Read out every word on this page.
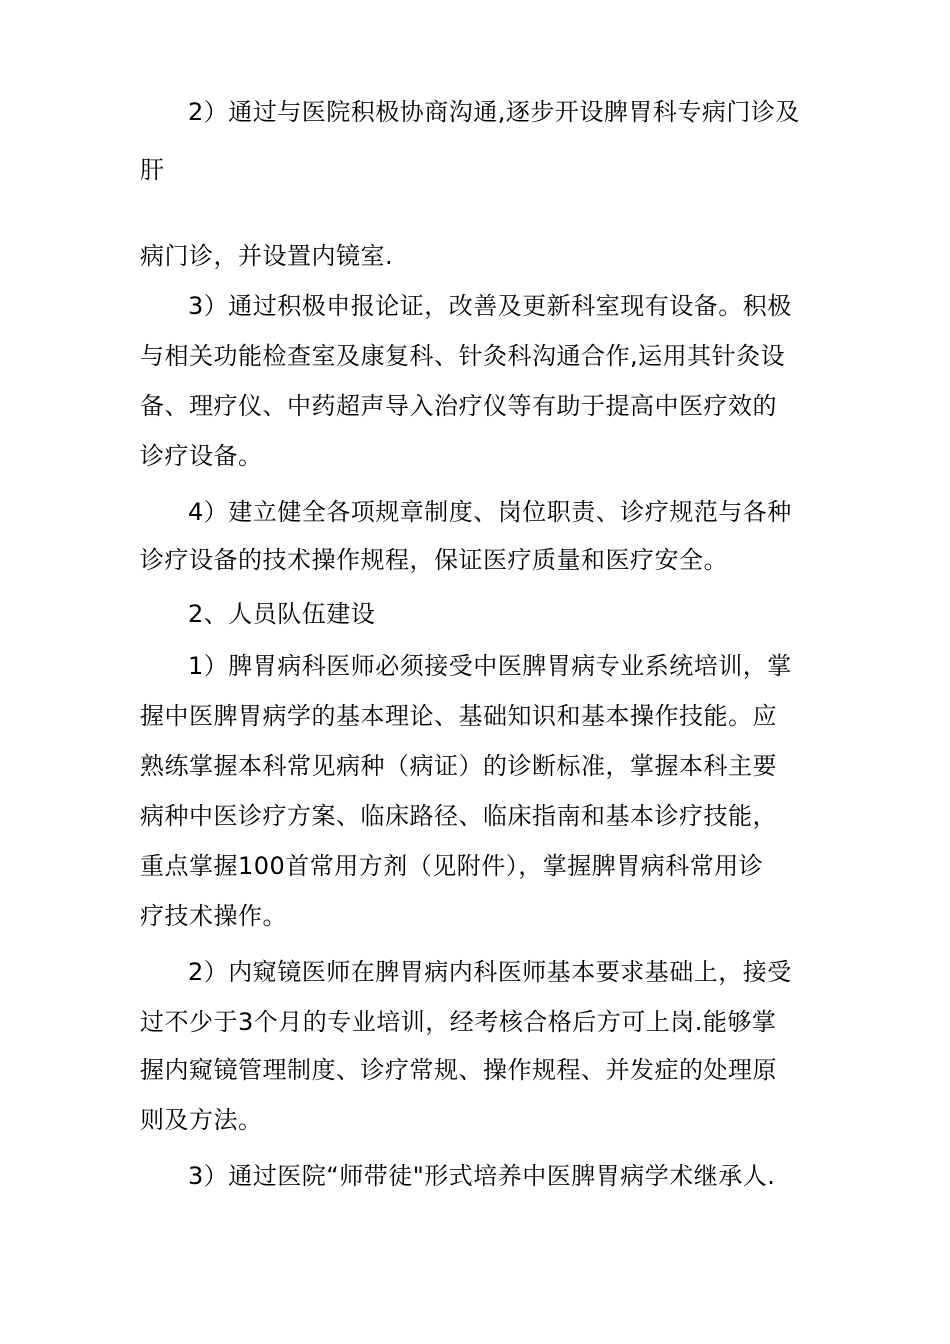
2）通过与医院积极协商沟通,逐步开设脾胃科专病门诊及
肝
病门诊，并设置内镜室.
3）通过积极申报论证，改善及更新科室现有设备。积极
与相关功能检查室及康复科、针灸科沟通合作,运用其针灸设
备、理疗仪、中药超声导入治疗仪等有助于提高中医疗效的
诊疗设备。
4）建立健全各项规章制度、岗位职责、诊疗规范与各种
诊疗设备的技术操作规程，保证医疗质量和医疗安全。
2、人员队伍建设
1）脾胃病科医师必须接受中医脾胃病专业系统培训，掌
握中医脾胃病学的基本理论、基础知识和基本操作技能。应
熟练掌握本科常见病种（病证）的诊断标准，掌握本科主要
病种中医诊疗方案、临床路径、临床指南和基本诊疗技能，
重点掌握100首常用方剂（见附件），掌握脾胃病科常用诊
疗技术操作。
2）内窥镜医师在脾胃病内科医师基本要求基础上，接受
过不少于3个月的专业培训，经考核合格后方可上岗.能够掌
握内窥镜管理制度、诊疗常规、操作规程、并发症的处理原
则及方法。
3）通过医院“师带徒"形式培养中医脾胃病学术继承人.
